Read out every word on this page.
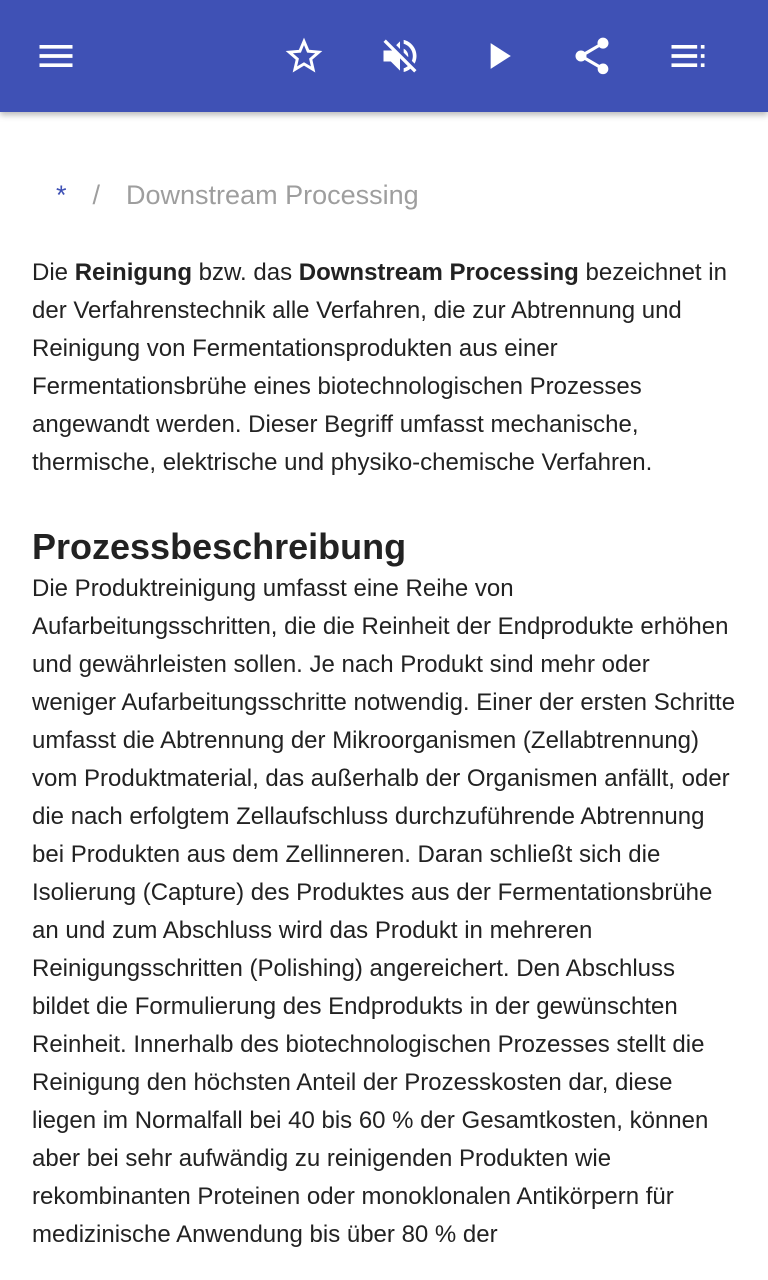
* / Downstream Processing

Die Reinigung bzw. das Downstream Processing bezeichnet in der Verfahrenstechnik alle Verfahren, die zur Abtrennung und Reinigung von Fermentationsprodukten aus einer Fermentationsbrühe eines biotechnologischen Prozesses angewandt werden. Dieser Begriff umfasst mechanische, thermische, elektrische und physiko-chemische Verfahren.

Prozessbeschreibung

Die Produktreinigung umfasst eine Reihe von Aufarbeitungsschritten, die die Reinheit der Endprodukte erhöhen und gewährleisten sollen. Je nach Produkt sind mehr oder weniger Aufarbeitungsschritte notwendig. Einer der ersten Schritte umfasst die Abtrennung der Mikroorganismen (Zellabtrennung) vom Produktmaterial, das außerhalb der Organismen anfällt, oder die nach erfolgtem Zellaufschluss durchzuführende Abtrennung bei Produkten aus dem Zellinneren. Daran schließt sich die Isolierung (Capture) des Produktes aus der Fermentationsbrühe an und zum Abschluss wird das Produkt in mehreren Reinigungsschritten (Polishing) angereichert. Den Abschluss bildet die Formulierung des Endprodukts in der gewünschten Reinheit. Innerhalb des biotechnologischen Prozesses stellt die Reinigung den höchsten Anteil der Prozesskosten dar, diese liegen im Normalfall bei 40 bis 60 % der Gesamtkosten, können aber bei sehr aufwändig zu reinigenden Produkten wie rekombinanten Proteinen oder monoklonalen Antikörpern für medizinische Anwendung bis über 80 % der
